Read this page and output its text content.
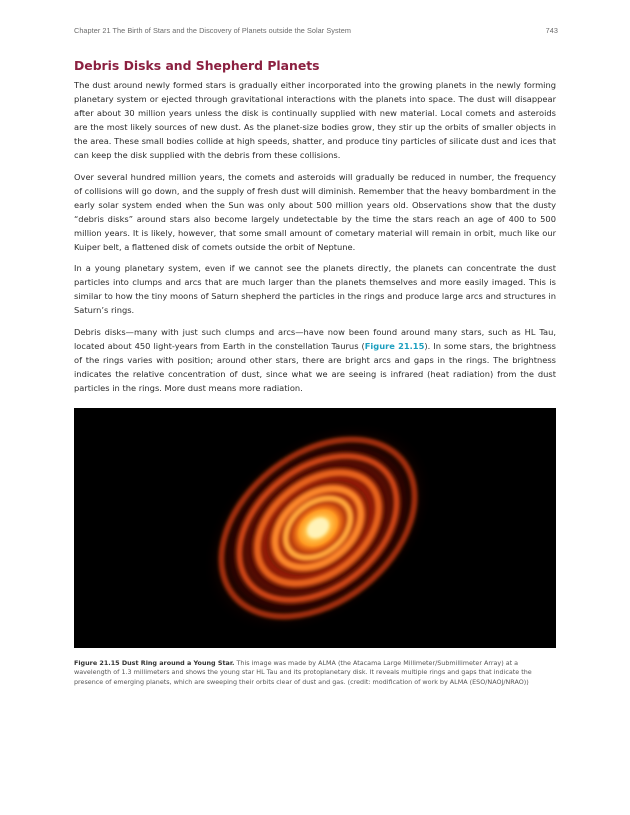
Chapter 21 The Birth of Stars and the Discovery of Planets outside the Solar System	743
Debris Disks and Shepherd Planets

The dust around newly formed stars is gradually either incorporated into the growing planets in the newly forming planetary system or ejected through gravitational interactions with the planets into space. The dust will disappear after about 30 million years unless the disk is continually supplied with new material. Local comets and asteroids are the most likely sources of new dust. As the planet-size bodies grow, they stir up the orbits of smaller objects in the area. These small bodies collide at high speeds, shatter, and produce tiny particles of silicate dust and ices that can keep the disk supplied with the debris from these collisions.

Over several hundred million years, the comets and asteroids will gradually be reduced in number, the frequency of collisions will go down, and the supply of fresh dust will diminish. Remember that the heavy bombardment in the early solar system ended when the Sun was only about 500 million years old. Observations show that the dusty “debris disks” around stars also become largely undetectable by the time the stars reach an age of 400 to 500 million years. It is likely, however, that some small amount of cometary material will remain in orbit, much like our Kuiper belt, a flattened disk of comets outside the orbit of Neptune.

In a young planetary system, even if we cannot see the planets directly, the planets can concentrate the dust particles into clumps and arcs that are much larger than the planets themselves and more easily imaged. This is similar to how the tiny moons of Saturn shepherd the particles in the rings and produce large arcs and structures in Saturn’s rings.

Debris disks—many with just such clumps and arcs—have now been found around many stars, such as HL Tau, located about 450 light-years from Earth in the constellation Taurus (Figure 21.15). In some stars, the brightness of the rings varies with position; around other stars, there are bright arcs and gaps in the rings. The brightness indicates the relative concentration of dust, since what we are seeing is infrared (heat radiation) from the dust particles in the rings. More dust means more radiation.

Figure 21.15 Dust Ring around a Young Star. This image was made by ALMA (the Atacama Large Millimeter/Submillimeter Array) at a wavelength of 1.3 millimeters and shows the young star HL Tau and its protoplanetary disk. It reveals multiple rings and gaps that indicate the presence of emerging planets, which are sweeping their orbits clear of dust and gas. (credit: modification of work by ALMA (ESO/NAOJ/NRAO))
